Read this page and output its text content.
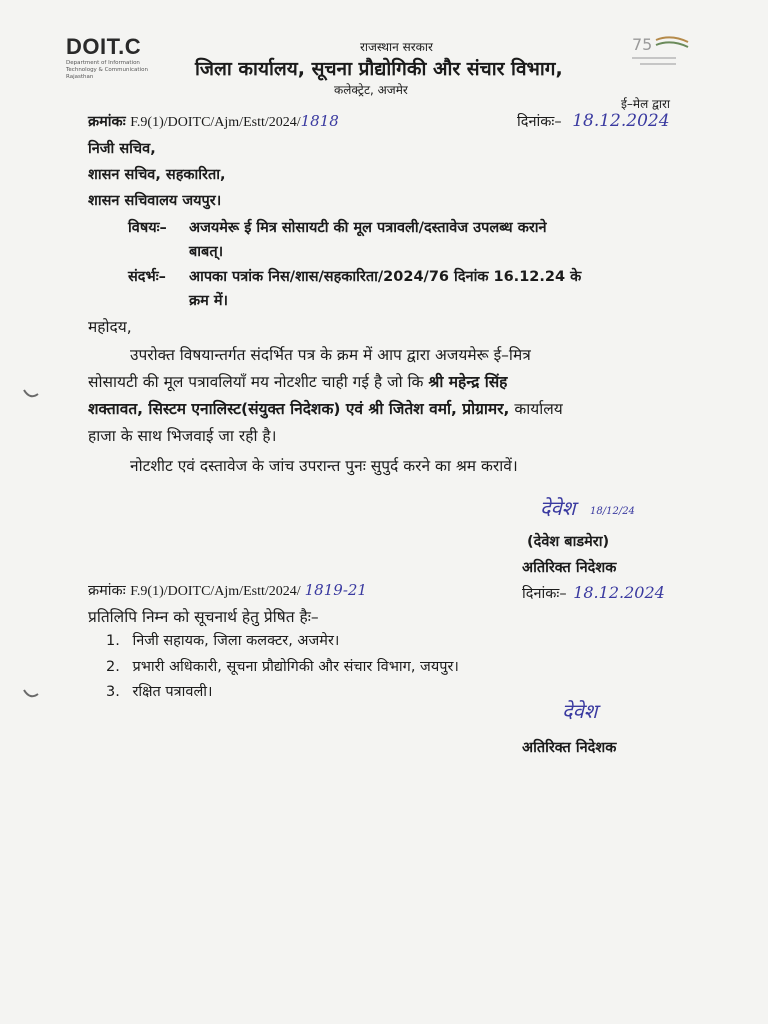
DOIT.C
Department of Information Technology & Communication Rajasthan
75
राजस्थान सरकार
जिला कार्यालय, सूचना प्रौद्योगिकी और संचार विभाग,
कलेक्ट्रेट, अजमेर
ई–मेल द्वारा
क्रमांकः F.9(1)/DOITC/Ajm/Estt/2024/1818	दिनांकः– 18.12.2024
निजी सचिव,
शासन सचिव, सहकारिता,
शासन सचिवालय जयपुर।
विषयः– अजयमेरू ई मित्र सोसायटी की मूल पत्रावली/दस्तावेज उपलब्ध कराने
बाबत्।
संदर्भः– आपका पत्रांक निस/शास/सहकारिता/2024/76 दिनांक 16.12.24 के
क्रम में।
महोदय,
उपरोक्त विषयान्तर्गत संदर्भित पत्र के क्रम में आप द्वारा अजयमेरू ई–मित्र
सोसायटी की मूल पत्रावलियाँ मय नोटशीट चाही गई है जो कि श्री महेन्द्र सिंह
शक्तावत, सिस्टम एनालिस्ट(संयुक्त निदेशक) एवं श्री जितेश वर्मा, प्रोग्रामर, कार्यालय
हाजा के साथ भिजवाई जा रही है।
नोटशीट एवं दस्तावेज के जांच उपरान्त पुनः सुपुर्द करने का श्रम करावें।
देवेश 18/12/24
(देवेश बाडमेरा)
अतिरिक्त निदेशक
क्रमांकः F.9(1)/DOITC/Ajm/Estt/2024/ 1819-21	दिनांकः– 18.12.2024
प्रतिलिपि निम्न को सूचनार्थ हेतु प्रेषित हैः–
1. निजी सहायक, जिला कलक्टर, अजमेर।
2. प्रभारी अधिकारी, सूचना प्रौद्योगिकी और संचार विभाग, जयपुर।
3. रक्षित पत्रावली।
देवेश
अतिरिक्त निदेशक
